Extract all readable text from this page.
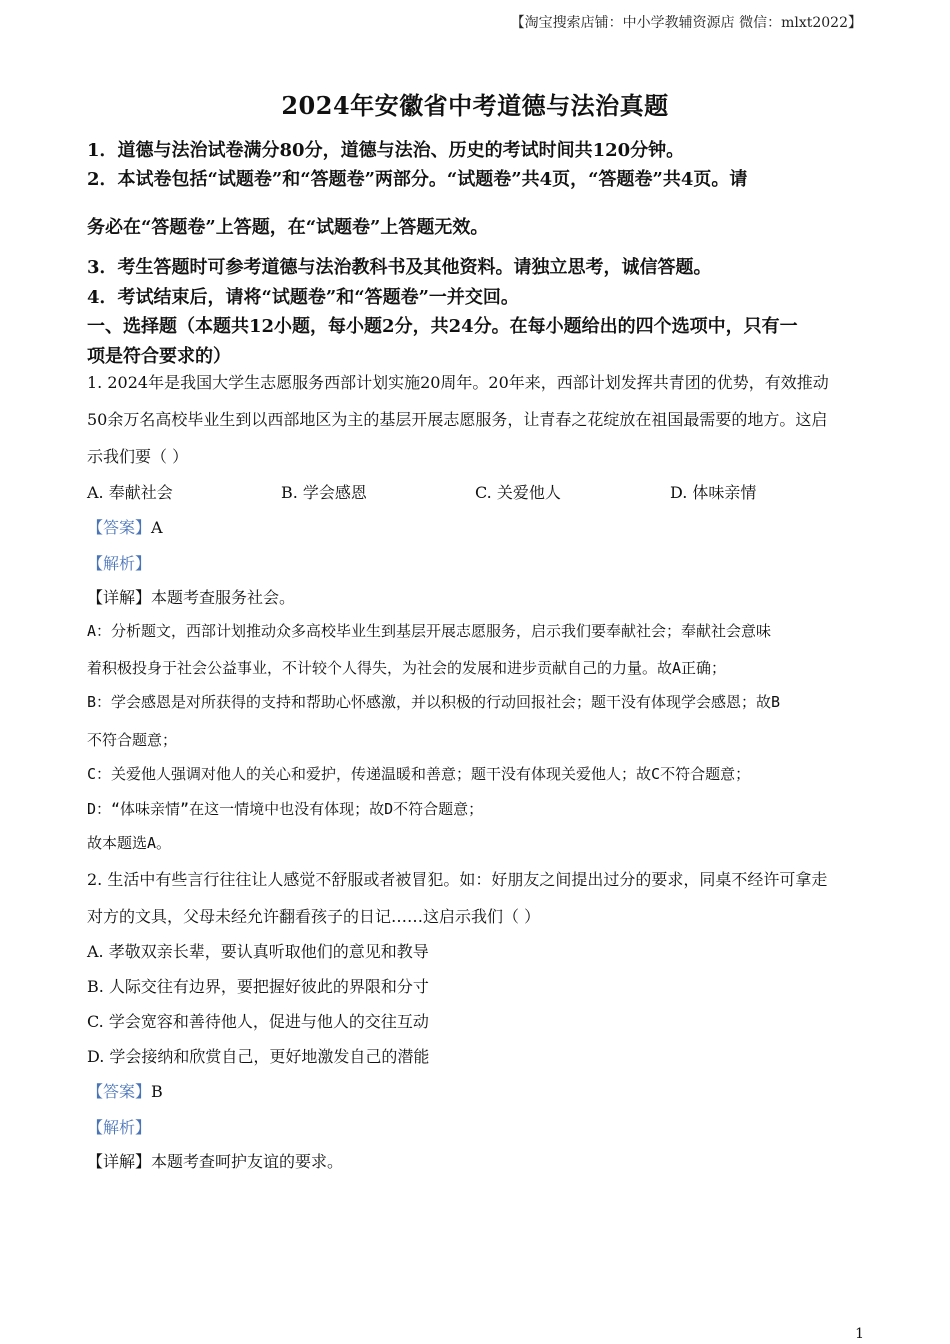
【淘宝搜索店铺：中小学教辅资源店 微信：mlxt2022】
2024年安徽省中考道德与法治真题
1．道德与法治试卷满分80分，道德与法治、历史的考试时间共120分钟。
2．本试卷包括“试题卷”和“答题卷”两部分。“试题卷”共4页，“答题卷”共4页。请
务必在“答题卷”上答题，在“试题卷”上答题无效。
3．考生答题时可参考道德与法治教科书及其他资料。请独立思考，诚信答题。
4．考试结束后，请将“试题卷”和“答题卷”一并交回。
一、选择题（本题共12小题，每小题2分，共24分。在每小题给出的四个选项中，只有一
项是符合要求的）
1. 2024年是我国大学生志愿服务西部计划实施20周年。20年来，西部计划发挥共青团的优势，有效推动
50余万名高校毕业生到以西部地区为主的基层开展志愿服务，让青春之花绽放在祖国最需要的地方。这启
示我们要（ ）
A. 奉献社会	B. 学会感恩	C. 关爱他人	D. 体味亲情
【答案】A
【解析】
【详解】本题考查服务社会。
A：分析题文，西部计划推动众多高校毕业生到基层开展志愿服务，启示我们要奉献社会；奉献社会意味
着积极投身于社会公益事业，不计较个人得失，为社会的发展和进步贡献自己的力量。故A正确；
B：学会感恩是对所获得的支持和帮助心怀感激，并以积极的行动回报社会；题干没有体现学会感恩；故B
不符合题意；
C：关爱他人强调对他人的关心和爱护，传递温暖和善意；题干没有体现关爱他人；故C不符合题意；
D：“体味亲情”在这一情境中也没有体现；故D不符合题意；
故本题选A。
2. 生活中有些言行往往让人感觉不舒服或者被冒犯。如：好朋友之间提出过分的要求，同桌不经许可拿走
对方的文具，父母未经允许翻看孩子的日记……这启示我们（ ）
A. 孝敬双亲长辈，要认真听取他们的意见和教导
B. 人际交往有边界，要把握好彼此的界限和分寸
C. 学会宽容和善待他人，促进与他人的交往互动
D. 学会接纳和欣赏自己，更好地激发自己的潜能
【答案】B
【解析】
【详解】本题考查呵护友谊的要求。
1
